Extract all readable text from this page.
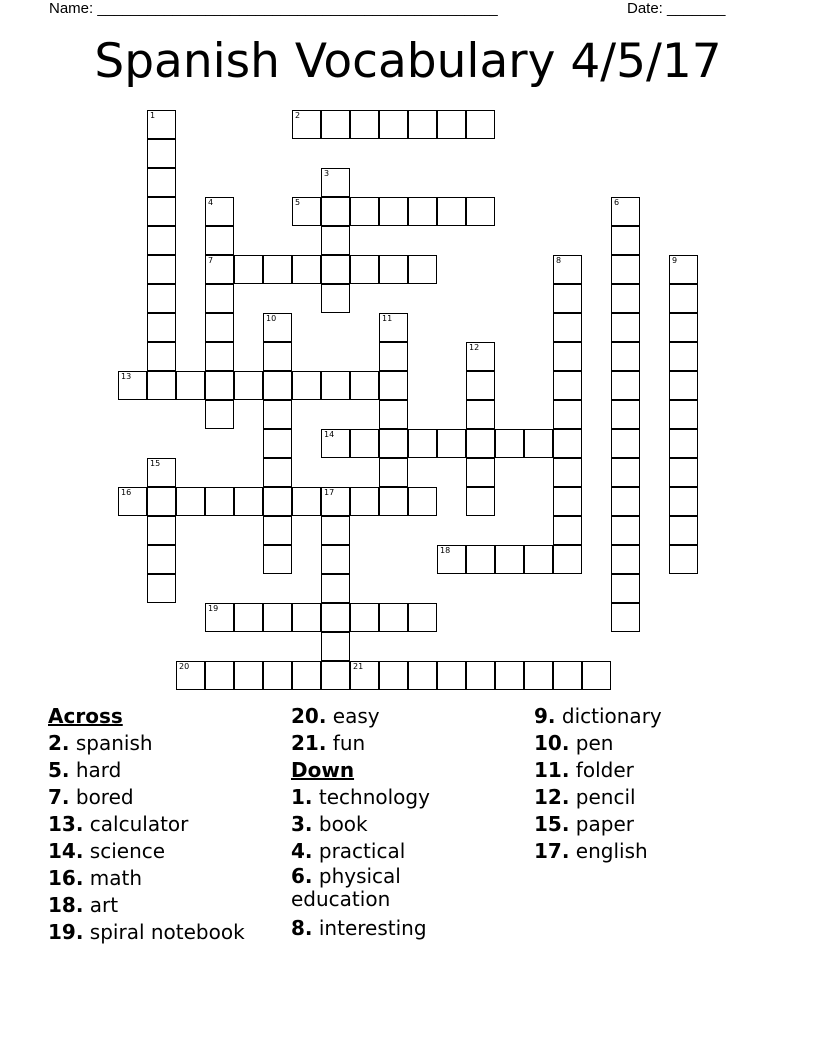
Name: ________________________________________________	Date: _______
Spanish Vocabulary 4/5/17
1	2
3
4
7
5	6
8	9
10	11
12
13
14
15
16	17
18
19
20	21
Across
2. spanish
5. hard
7. bored
13. calculator
14. science
16. math
18. art
19. spiral notebook
20. easy
21. fun
Down
1. technology
3. book
4. practical
6. physical education
8. interesting
9. dictionary
10. pen
11. folder
12. pencil
15. paper
17. english
